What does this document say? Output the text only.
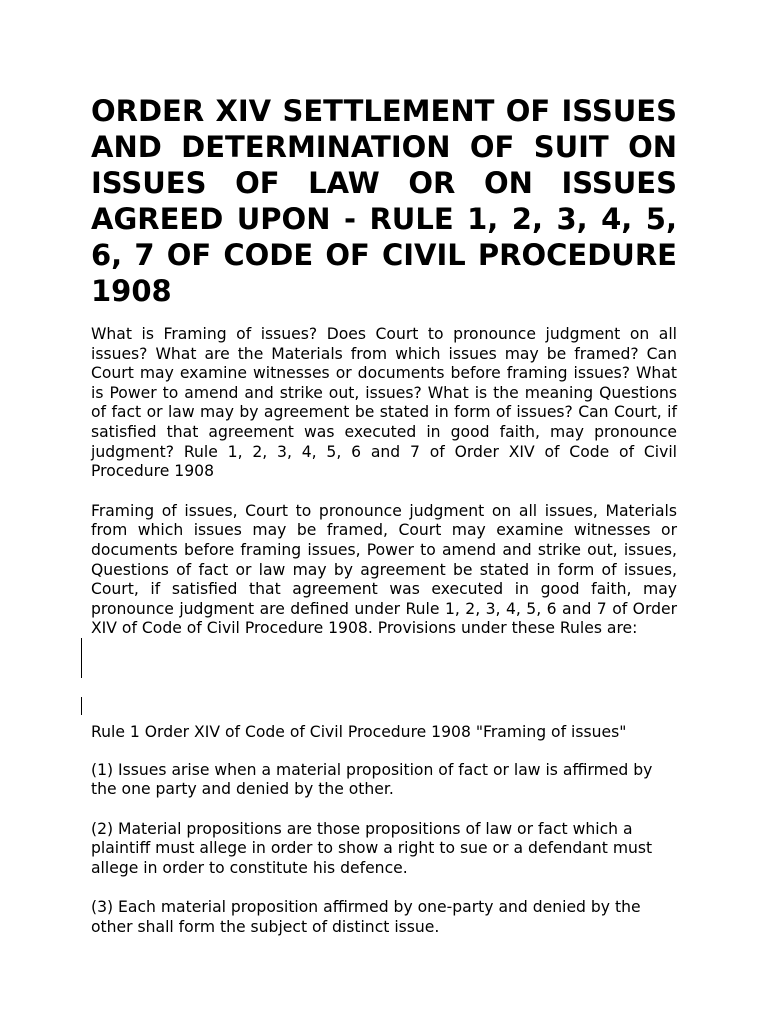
ORDER XIV SETTLEMENT OF ISSUES AND DETERMINATION OF SUIT ON ISSUES OF LAW OR ON ISSUES AGREED UPON - RULE 1, 2, 3, 4, 5, 6, 7 OF CODE OF CIVIL PROCEDURE 1908

What is Framing of issues? Does Court to pronounce judgment on all issues? What are the Materials from which issues may be framed? Can Court may examine witnesses or documents before framing issues? What is Power to amend and strike out, issues? What is the meaning Questions of fact or law may by agreement be stated in form of issues? Can Court, if satisfied that agreement was executed in good faith, may pronounce judgment? Rule 1, 2, 3, 4, 5, 6 and 7 of Order XIV of Code of Civil Procedure 1908

Framing of issues, Court to pronounce judgment on all issues, Materials from which issues may be framed, Court may examine witnesses or documents before framing issues, Power to amend and strike out, issues, Questions of fact or law may by agreement be stated in form of issues, Court, if satisfied that agreement was executed in good faith, may pronounce judgment are defined under Rule 1, 2, 3, 4, 5, 6 and 7 of Order XIV of Code of Civil Procedure 1908. Provisions under these Rules are:

Rule 1 Order XIV of Code of Civil Procedure 1908 "Framing of issues"

(1) Issues arise when a material proposition of fact or law is affirmed by the one party and denied by the other.

(2) Material propositions are those propositions of law or fact which a plaintiff must allege in order to show a right to sue or a defendant must allege in order to constitute his defence.

(3) Each material proposition affirmed by one-party and denied by the other shall form the subject of distinct issue.
